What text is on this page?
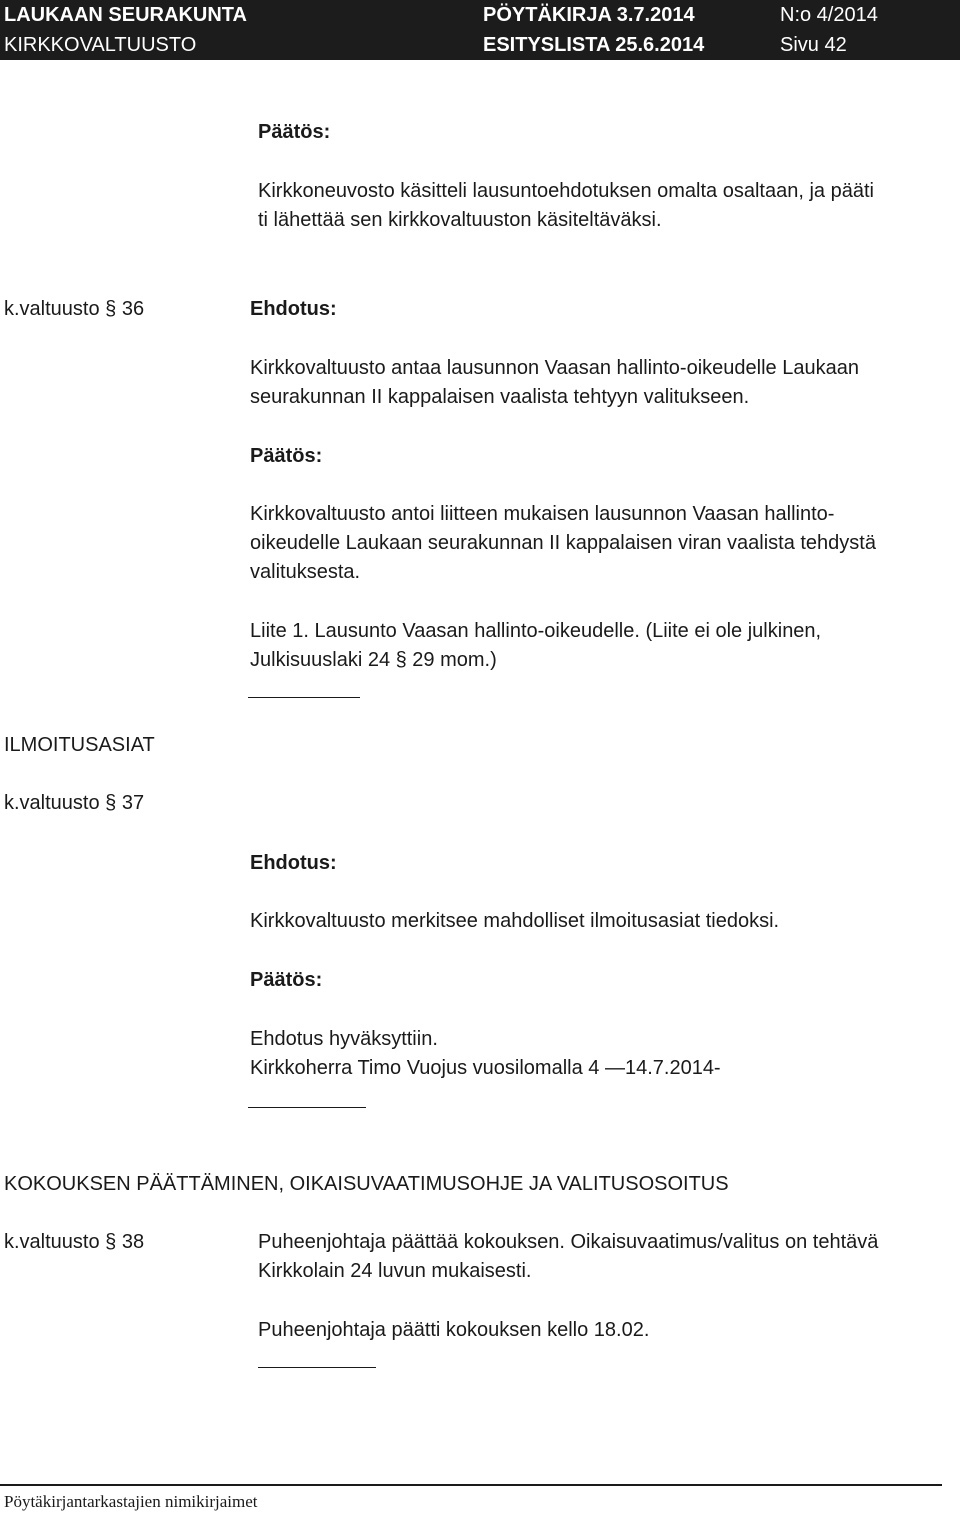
LAUKAAN SEURAKUNTA	PÖYTÄKIRJA 3.7.2014	N:o 4/2014
KIRKKOVALTUUSTO	ESITYSLISTA 25.6.2014	Sivu 42
Päätös:
Kirkkoneuvosto käsitteli lausuntoehdotuksen omalta osaltaan, ja pääti
ti lähettää sen kirkkovaltuuston käsiteltäväksi.
k.valtuusto § 36	Ehdotus:
Kirkkovaltuusto antaa lausunnon Vaasan hallinto-oikeudelle Laukaan
seurakunnan II kappalaisen vaalista tehtyyn valitukseen.
Päätös:
Kirkkovaltuusto antoi liitteen mukaisen lausunnon Vaasan hallinto-
oikeudelle Laukaan seurakunnan II kappalaisen viran vaalista tehdystä
valituksesta.
Liite 1. Lausunto Vaasan hallinto-oikeudelle. (Liite ei ole julkinen,
Julkisuuslaki 24 § 29 mom.)
ILMOITUSASIAT
k.valtuusto § 37
Ehdotus:
Kirkkovaltuusto merkitsee mahdolliset ilmoitusasiat tiedoksi.
Päätös:
Ehdotus hyväksyttiin.
Kirkkoherra Timo Vuojus vuosilomalla 4 —14.7.2014-
KOKOUKSEN PÄÄTTÄMINEN, OIKAISUVAATIMUSOHJE JA VALITUSOSOITUS
k.valtuusto § 38	Puheenjohtaja päättää kokouksen. Oikaisuvaatimus/valitus on tehtävä
Kirkkolain 24 luvun mukaisesti.
Puheenjohtaja päätti kokouksen kello 18.02.
Pöytäkirjantarkastajien nimikirjaimet
